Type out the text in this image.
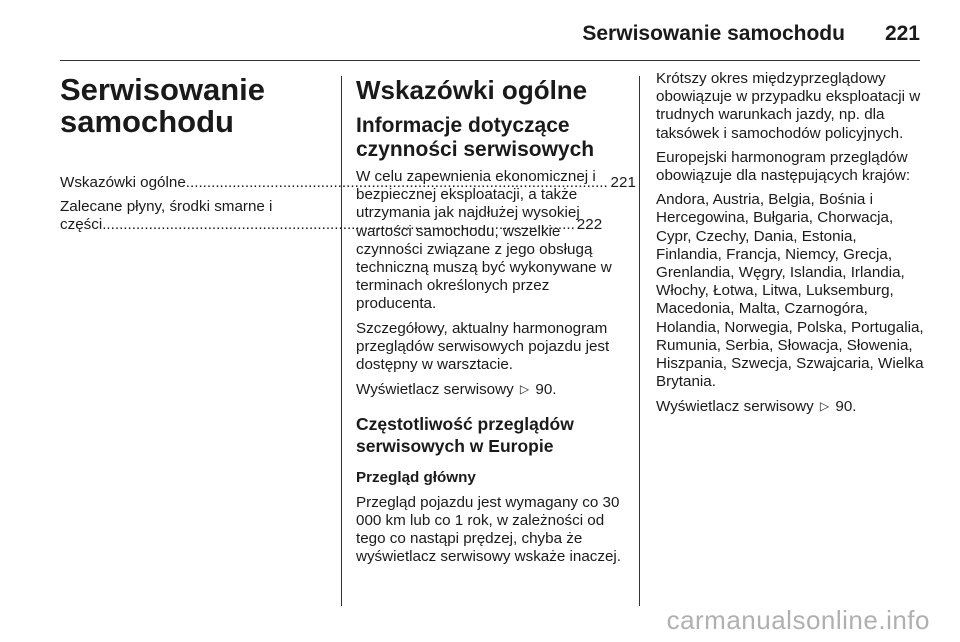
Serwisowanie samochodu 221
Serwisowanie
samochodu
Wskazówki ogólne .....	221
Zalecane płyny, środki smarne i
części .....	222
Wskazówki ogólne
Informacje dotyczące
czynności serwisowych

W celu zapewnienia ekonomicznej i bezpiecznej eksploatacji, a także utrzymania jak najdłużej wysokiej wartości samochodu, wszelkie czynności związane z jego obsługą techniczną muszą być wykonywane w terminach określonych przez producenta.

Szczegółowy, aktualny harmonogram przeglądów serwisowych pojazdu jest dostępny w warsztacie.

Wyświetlacz serwisowy ▷ 90.

Częstotliwość przeglądów
serwisowych w Europie

Przegląd główny

Przegląd pojazdu jest wymagany co 30 000 km lub co 1 rok, w zależności od tego co nastąpi prędzej, chyba że wyświetlacz serwisowy wskaże inaczej.

Krótszy okres międzyprzeglądowy obowiązuje w przypadku eksploatacji w trudnych warunkach jazdy, np. dla taksówek i samochodów policyjnych.

Europejski harmonogram przeglądów obowiązuje dla następujących krajów:

Andora, Austria, Belgia, Bośnia i Hercegowina, Bułgaria, Chorwacja, Cypr, Czechy, Dania, Estonia, Finlandia, Francja, Niemcy, Grecja, Grenlandia, Węgry, Islandia, Irlandia, Włochy, Łotwa, Litwa, Luksemburg, Macedonia, Malta, Czarnogóra, Holandia, Norwegia, Polska, Portugalia, Rumunia, Serbia, Słowacja, Słowenia, Hiszpania, Szwecja, Szwajcaria, Wielka Brytania.

Wyświetlacz serwisowy ▷ 90.

carmanualsonline.info
